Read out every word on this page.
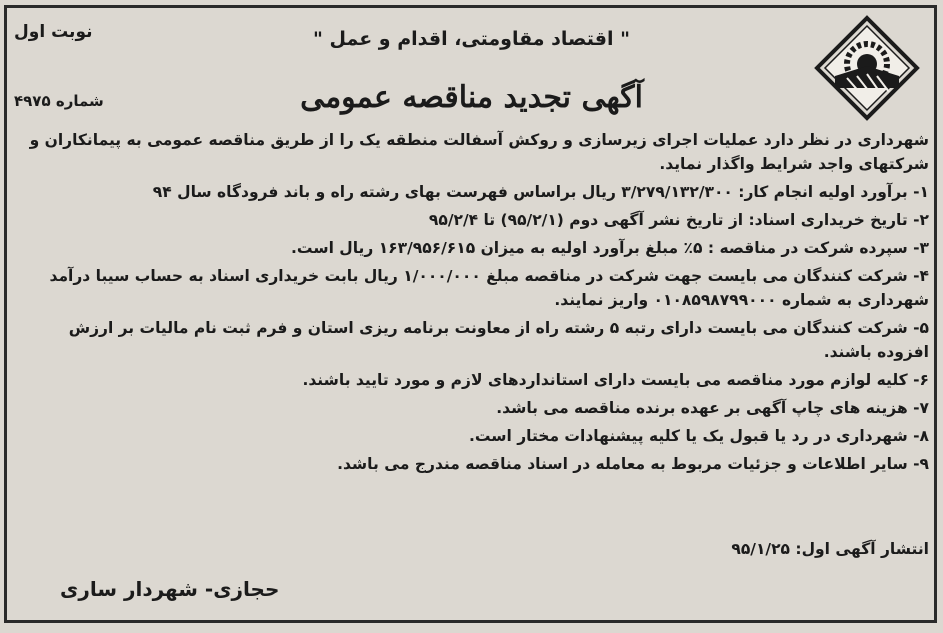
نوبت اول
شماره ۴۹۷۵
" اقتصاد مقاومتی، اقدام و عمل "
آگهی تجدید مناقصه عمومی

شهرداری در نظر دارد عملیات اجرای زیرسازی و روکش آسفالت منطقه یک را از طریق مناقصه عمومی به پیمانکاران و شرکتهای واجد شرایط واگذار نماید.

۱- برآورد اولیه انجام کار: ۳/۲۷۹/۱۳۲/۳۰۰ ریال براساس فهرست بهای رشته راه و باند فرودگاه سال ۹۴

۲- تاریخ خریداری اسناد: از تاریخ نشر آگهی دوم (۹۵/۲/۱) تا ۹۵/۲/۴

۳- سپرده شرکت در مناقصه : ۵٪ مبلغ برآورد اولیه به میزان ۱۶۳/۹۵۶/۶۱۵ ریال است.

۴- شرکت کنندگان می بایست جهت شرکت در مناقصه مبلغ ۱/۰۰۰/۰۰۰ ریال بابت خریداری اسناد به حساب سیبا درآمد شهرداری به شماره ۰۱۰۸۵۹۸۷۹۹۰۰۰ واریز نمایند.

۵- شرکت کنندگان می بایست دارای رتبه ۵ رشته راه از معاونت برنامه ریزی استان و فرم ثبت نام مالیات بر ارزش افزوده باشند.

۶- کلیه لوازم مورد مناقصه می بایست دارای استانداردهای لازم و مورد تایید باشند.

۷- هزینه های چاپ آگهی بر عهده برنده مناقصه می باشد.

۸- شهرداری در رد یا قبول یک یا کلیه پیشنهادات مختار است.

۹- سایر اطلاعات و جزئیات مربوط به معامله در اسناد مناقصه مندرج می باشد.

انتشار آگهی اول: ۹۵/۱/۲۵
حجازی- شهردار ساری
